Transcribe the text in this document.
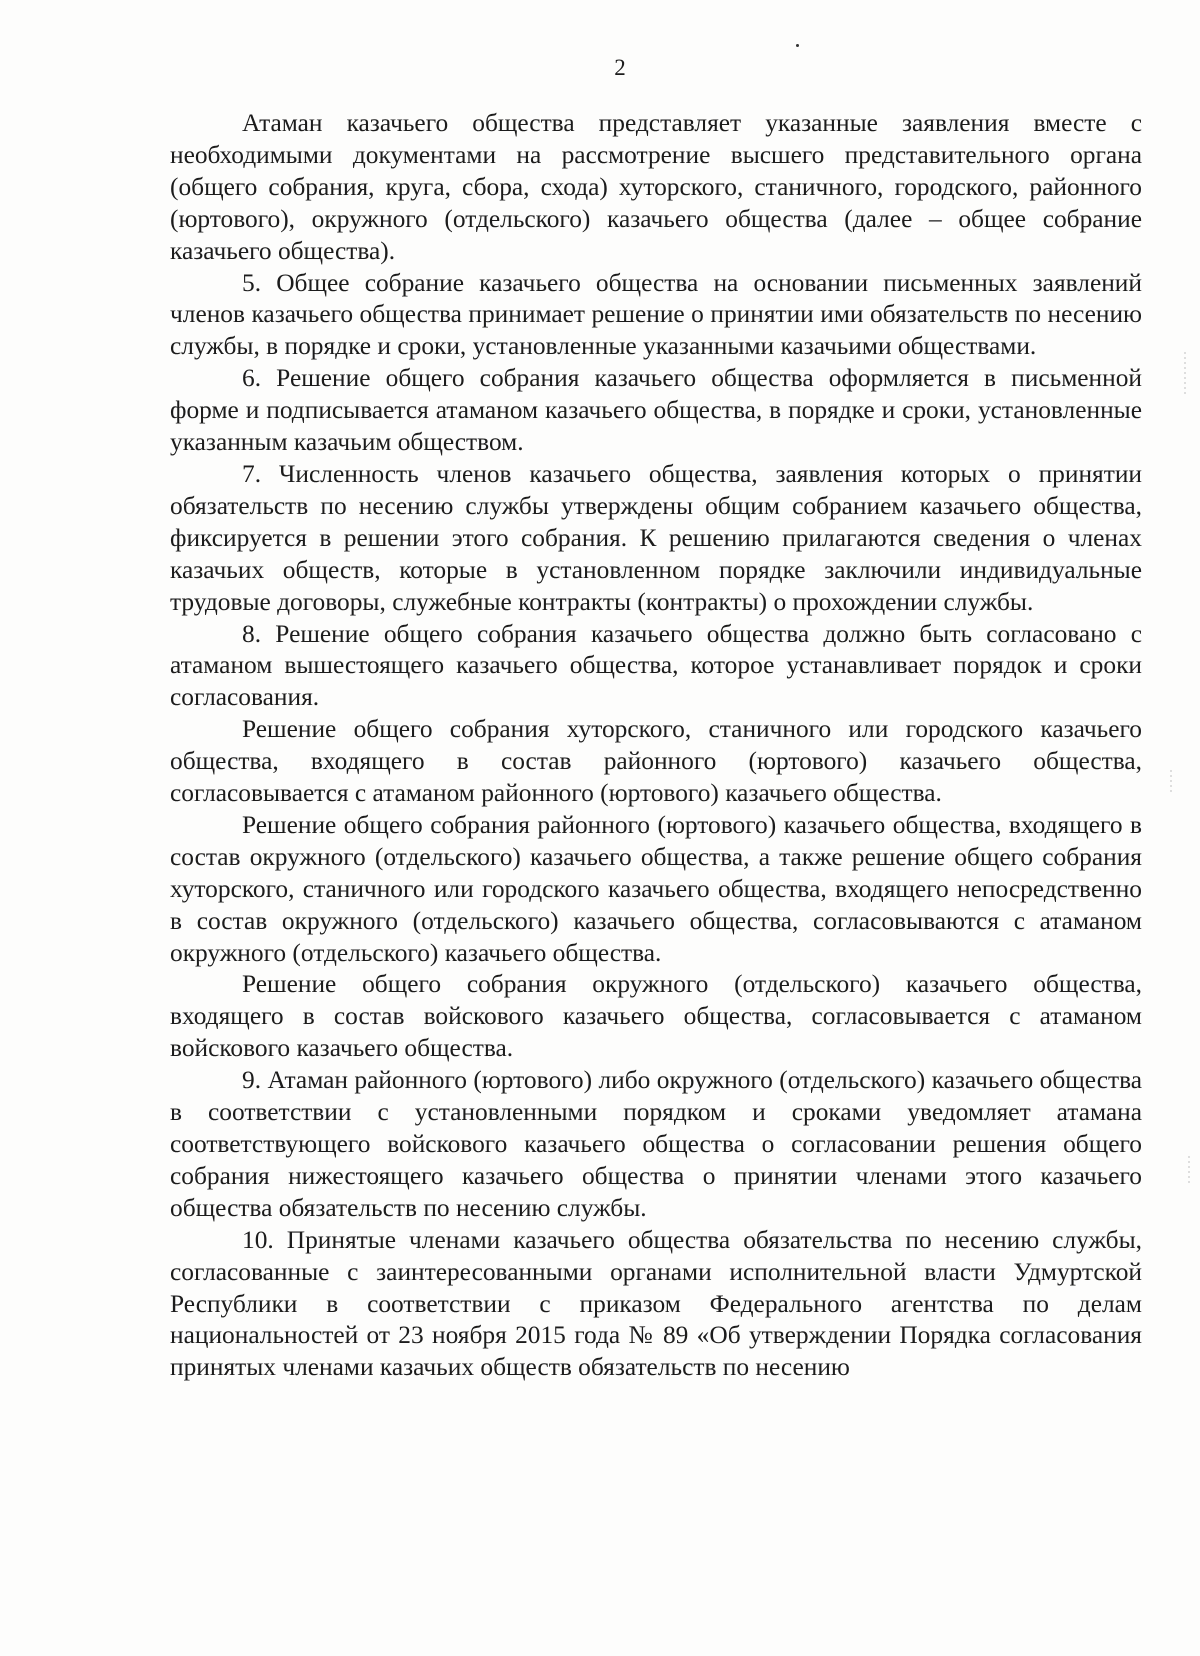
2

Атаман казачьего общества представляет указанные заявления вместе с необходимыми документами на рассмотрение высшего представительного органа (общего собрания, круга, сбора, схода) хуторского, станичного, городского, районного (юртового), окружного (отдельского) казачьего общества (далее – общее собрание казачьего общества).

5. Общее собрание казачьего общества на основании письменных заявлений членов казачьего общества принимает решение о принятии ими обязательств по несению службы, в порядке и сроки, установленные указанными казачьими обществами.

6. Решение общего собрания казачьего общества оформляется в письменной форме и подписывается атаманом казачьего общества, в порядке и сроки, установленные указанным казачьим обществом.

7. Численность членов казачьего общества, заявления которых о принятии обязательств по несению службы утверждены общим собранием казачьего общества, фиксируется в решении этого собрания. К решению прилагаются сведения о членах казачьих обществ, которые в установленном порядке заключили индивидуальные трудовые договоры, служебные контракты (контракты) о прохождении службы.

8. Решение общего собрания казачьего общества должно быть согласовано с атаманом вышестоящего казачьего общества, которое устанавливает порядок и сроки согласования.

Решение общего собрания хуторского, станичного или городского казачьего общества, входящего в состав районного (юртового) казачьего общества, согласовывается с атаманом районного (юртового) казачьего общества.

Решение общего собрания районного (юртового) казачьего общества, входящего в состав окружного (отдельского) казачьего общества, а также решение общего собрания хуторского, станичного или городского казачьего общества, входящего непосредственно в состав окружного (отдельского) казачьего общества, согласовываются с атаманом окружного (отдельского) казачьего общества.

Решение общего собрания окружного (отдельского) казачьего общества, входящего в состав войскового казачьего общества, согласовывается с атаманом войскового казачьего общества.

9. Атаман районного (юртового) либо окружного (отдельского) казачьего общества в соответствии с установленными порядком и сроками уведомляет атамана соответствующего войскового казачьего общества о согласовании решения общего собрания нижестоящего казачьего общества о принятии членами этого казачьего общества обязательств по несению службы.

10. Принятые членами казачьего общества обязательства по несению службы, согласованные с заинтересованными органами исполнительной власти Удмуртской Республики в соответствии с приказом Федерального агентства по делам национальностей от 23 ноября 2015 года № 89 «Об утверждении Порядка согласования принятых членами казачьих обществ обязательств по несению
